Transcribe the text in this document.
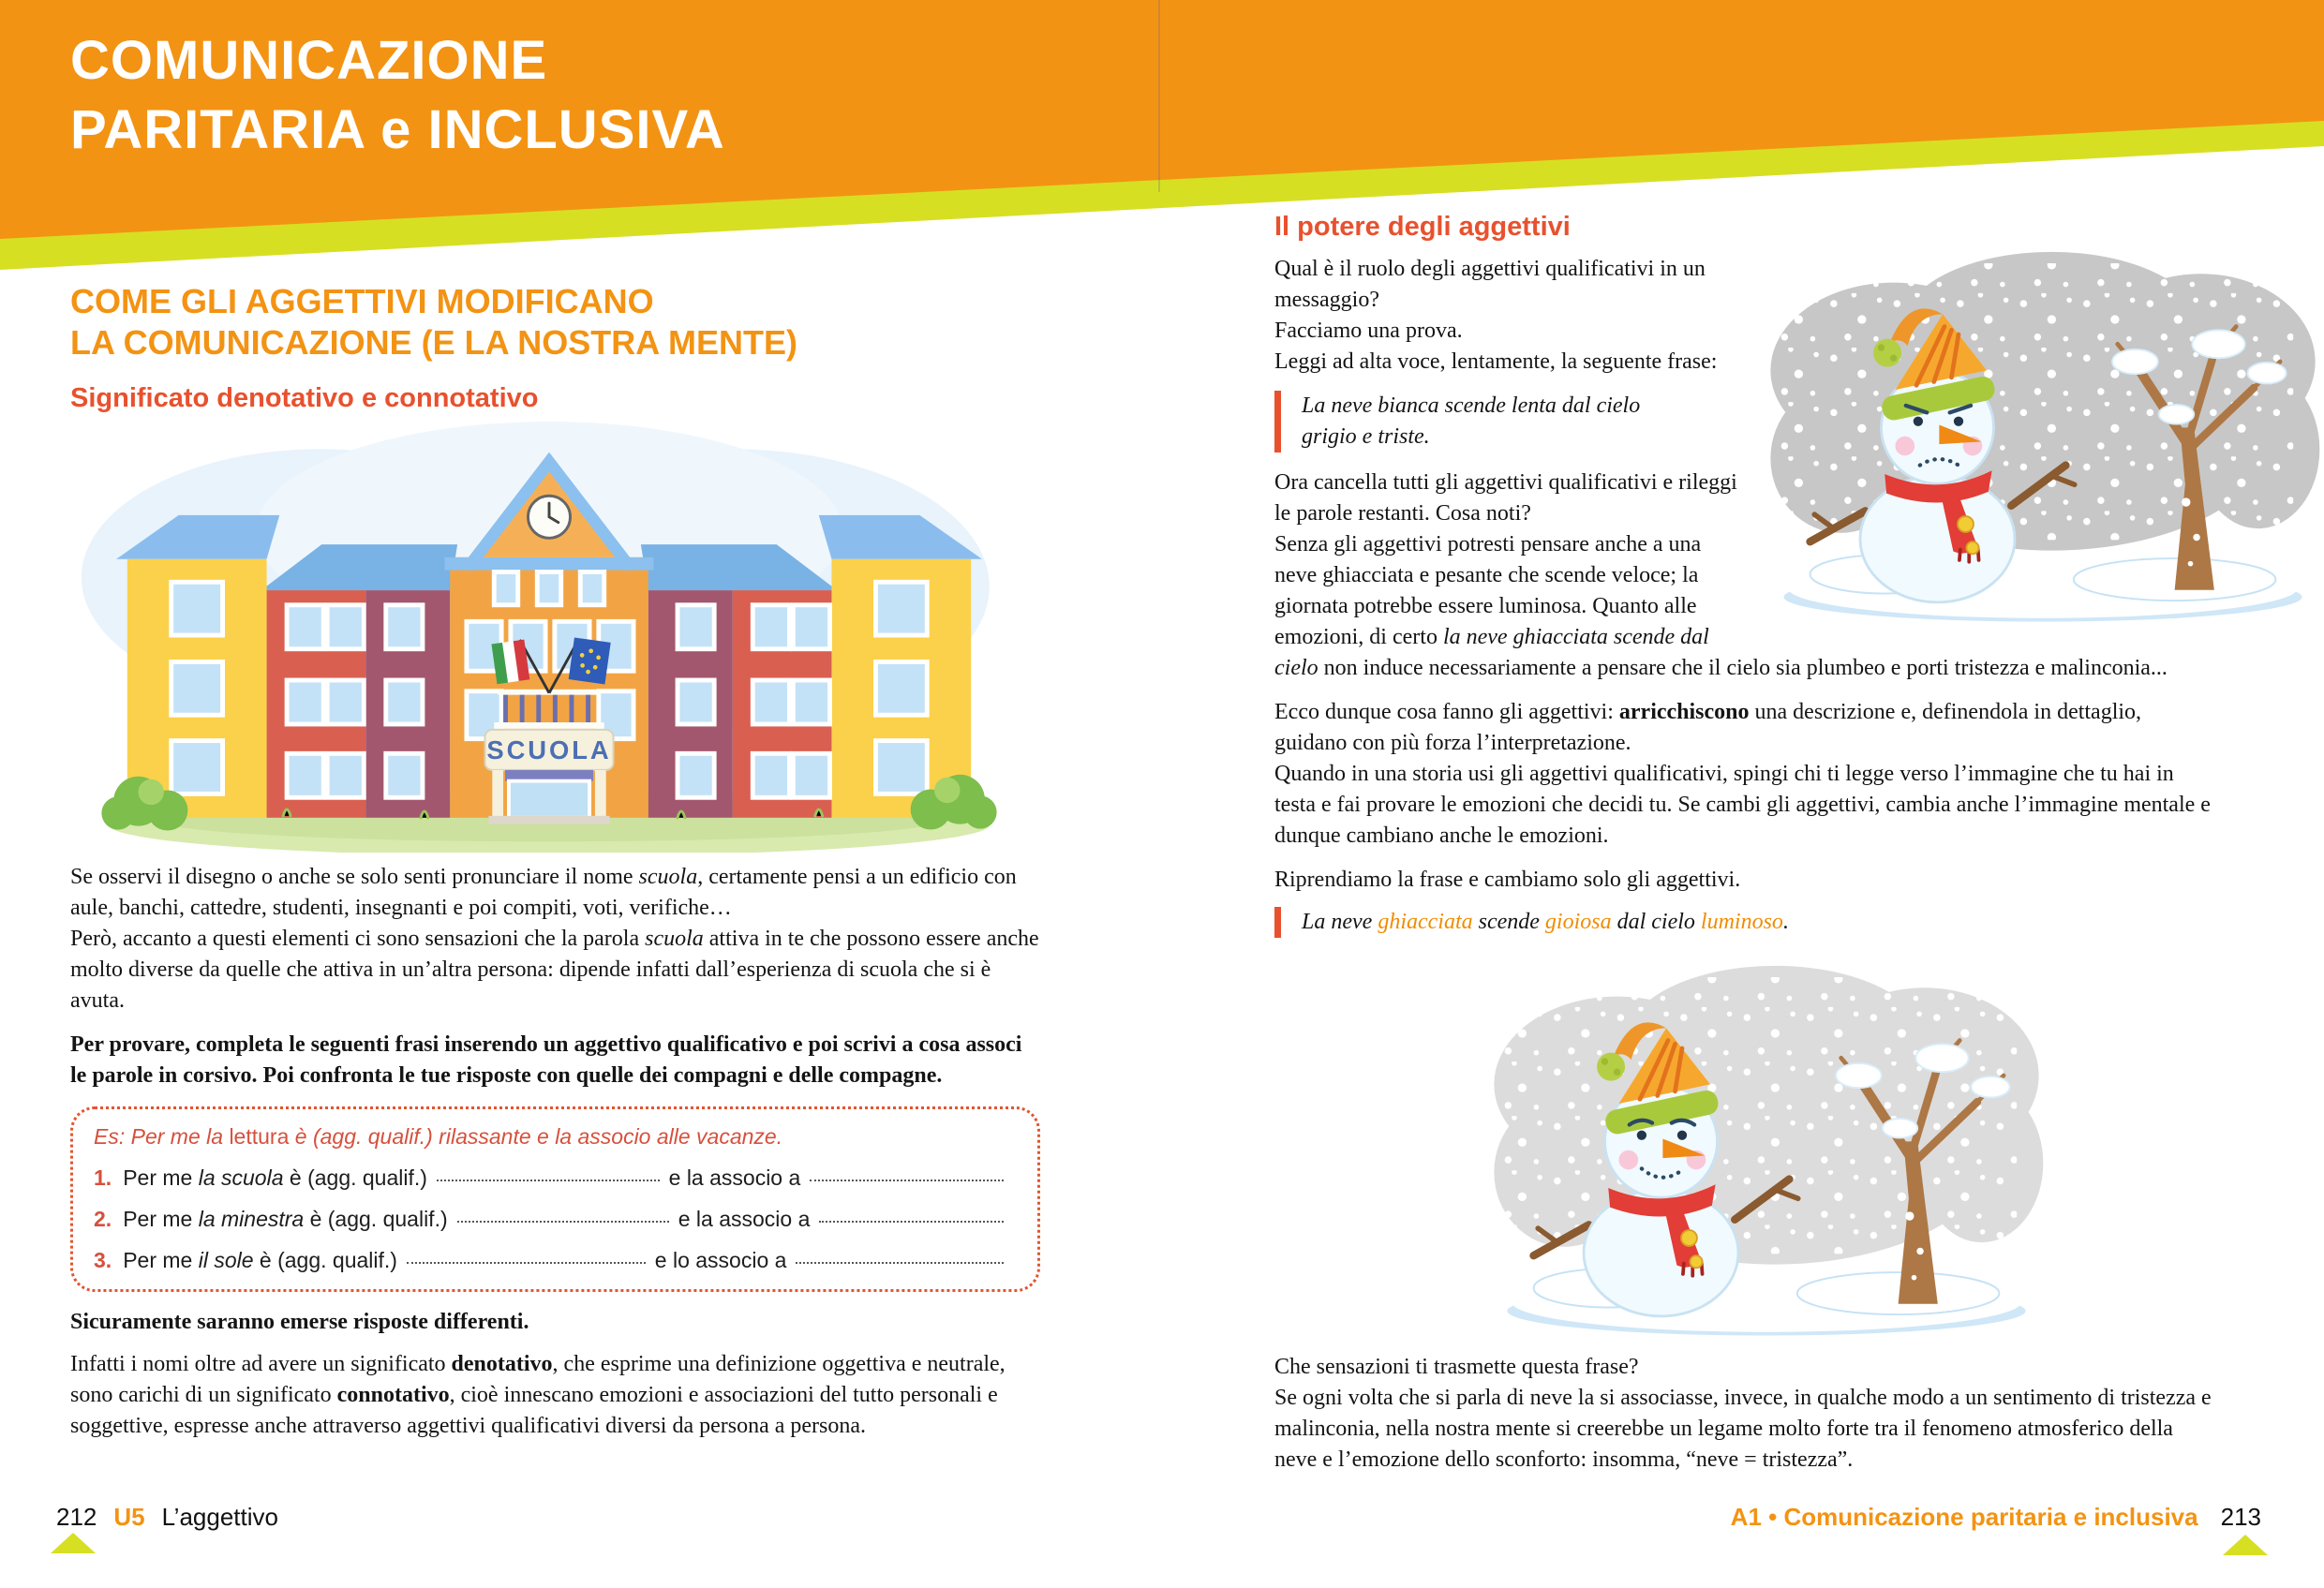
COMUNICAZIONE
PARITARIA e INCLUSIVA
COME GLI AGGETTIVI MODIFICANO
LA COMUNICAZIONE (E LA NOSTRA MENTE)
Significato denotativo e connotativo
SCUOLA

Se osservi il disegno o anche se solo senti pronunciare il nome scuola, certamente pensi a un edificio con aule, banchi, cattedre, studenti, insegnanti e poi compiti, voti, verifiche…
Però, accanto a questi elementi ci sono sensazioni che la parola scuola attiva in te che possono essere anche molto diverse da quelle che attiva in un’altra persona: dipende infatti dall’esperienza di scuola che si è avuta.

Per provare, completa le seguenti frasi inserendo un aggettivo qualificativo e poi scrivi a cosa associ le parole in corsivo. Poi confronta le tue risposte con quelle dei compagni e delle compagne.

Es: Per me la lettura è (agg. qualif.) rilassante e la associo alle vacanze.
1. Per me la scuola è (agg. qualif.)	e la associo a
2. Per me la minestra è (agg. qualif.)	e la associo a
3. Per me il sole è (agg. qualif.)	e lo associo a

Sicuramente saranno emerse risposte differenti.

Infatti i nomi oltre ad avere un significato denotativo, che esprime una definizione oggettiva e neutrale, sono carichi di un significato connotativo, cioè innescano emozioni e associazioni del tutto personali e soggettive, espresse anche attraverso aggettivi qualificativi diversi da persona a persona.

Il potere degli aggettivi

Qual è il ruolo degli aggettivi qualificativi in un messaggio?
Facciamo una prova.
Leggi ad alta voce, lentamente, la seguente frase:

La neve bianca scende lenta dal cielo
grigio e triste.

Ora cancella tutti gli aggettivi qualificativi e rileggi le parole restanti. Cosa noti?
Senza gli aggettivi potresti pensare anche a una neve ghiacciata e pesante che scende veloce; la giornata potrebbe essere luminosa. Quanto alle emozioni, di certo la neve ghiacciata scende dal cielo non induce necessariamente a pensare che il cielo sia plumbeo e porti tristezza e malinconia...

Ecco dunque cosa fanno gli aggettivi: arricchiscono una descrizione e, definendola in dettaglio, guidano con più forza l’interpretazione.
Quando in una storia usi gli aggettivi qualificativi, spingi chi ti legge verso l’immagine che tu hai in testa e fai provare le emozioni che decidi tu. Se cambi gli aggettivi, cambia anche l’immagine mentale e dunque cambiano anche le emozioni.

Riprendiamo la frase e cambiamo solo gli aggettivi.

La neve ghiacciata scende gioiosa dal cielo luminoso.

Che sensazioni ti trasmette questa frase?
Se ogni volta che si parla di neve la si associasse, invece, in qualche modo a un sentimento di tristezza e malinconia, nella nostra mente si creerebbe un legame molto forte tra il fenomeno atmosferico della neve e l’emozione dello sconforto: insomma, “neve = tristezza”.

212 U5 L’aggettivo	A1 • Comunicazione paritaria e inclusiva 213
